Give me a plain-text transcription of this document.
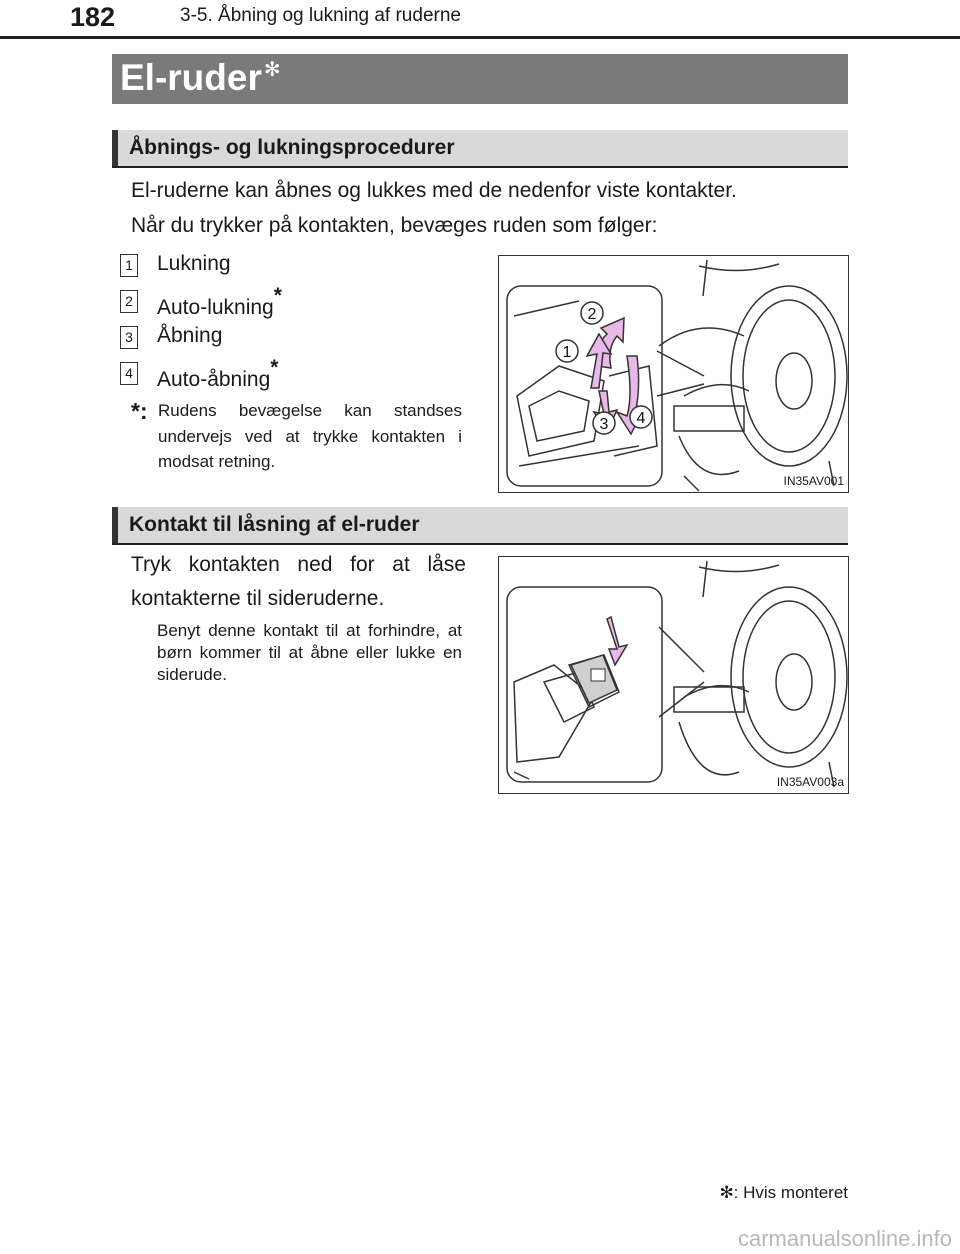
182	3-5. Åbning og lukning af ruderne
El-ruder ✻
Åbnings- og lukningsprocedurer
El-ruderne kan åbnes og lukkes med de nedenfor viste kontakter.
Når du trykker på kontakten, bevæges ruden som følger:
1 Lukning
2 Auto-lukning*
3 Åbning
4 Auto-åbning*
*: Rudens bevægelse kan standses undervejs ved at trykke kontakten i modsat retning.
1
2
3 4
IN35AV001
Kontakt til låsning af el-ruder
Tryk kontakten ned for at låse kontakterne til sideruderne.
Benyt denne kontakt til at forhindre, at børn kommer til at åbne eller lukke en siderude.
IN35AV003a
✻: Hvis monteret
carmanualsonline.info
